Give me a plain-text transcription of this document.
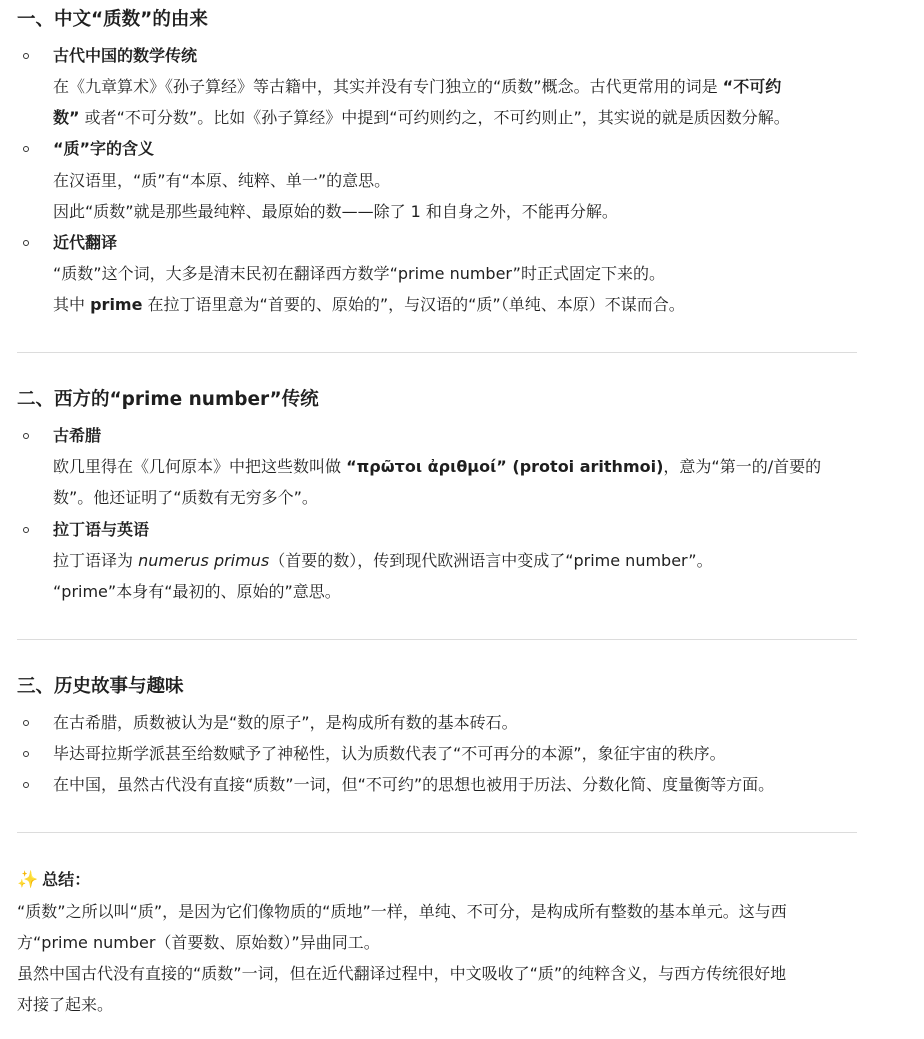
一、中文“质数”的由来

古代中国的数学传统

在《九章算术》《孙子算经》等古籍中，其实并没有专门独立的“质数”概念。古代更常用的词是 “不可约

数” 或者“不可分数”。比如《孙子算经》中提到“可约则约之，不可约则止”，其实说的就是质因数分解。

“质”字的含义

在汉语里，“质”有“本原、纯粹、单一”的意思。

因此“质数”就是那些最纯粹、最原始的数——除了 1 和自身之外，不能再分解。

近代翻译

“质数”这个词，大多是清末民初在翻译西方数学“prime number”时正式固定下来的。

其中 prime 在拉丁语里意为“首要的、原始的”，与汉语的“质”（单纯、本原）不谋而合。

二、西方的“prime number”传统

古希腊

欧几里得在《几何原本》中把这些数叫做 “πρῶτοι ἀριθμοί” (protoi arithmoi)，意为“第一的/首要的

数”。他还证明了“质数有无穷多个”。

拉丁语与英语

拉丁语译为 numerus primus（首要的数），传到现代欧洲语言中变成了“prime number”。

“prime”本身有“最初的、原始的”意思。

三、历史故事与趣味

在古希腊，质数被认为是“数的原子”，是构成所有数的基本砖石。

毕达哥拉斯学派甚至给数赋予了神秘性，认为质数代表了“不可再分的本源”，象征宇宙的秩序。

在中国，虽然古代没有直接“质数”一词，但“不可约”的思想也被用于历法、分数化简、度量衡等方面。

✨ 总结：

“质数”之所以叫“质”，是因为它们像物质的“质地”一样，单纯、不可分，是构成所有整数的基本单元。这与西

方“prime number（首要数、原始数）”异曲同工。

虽然中国古代没有直接的“质数”一词，但在近代翻译过程中，中文吸收了“质”的纯粹含义，与西方传统很好地

对接了起来。
